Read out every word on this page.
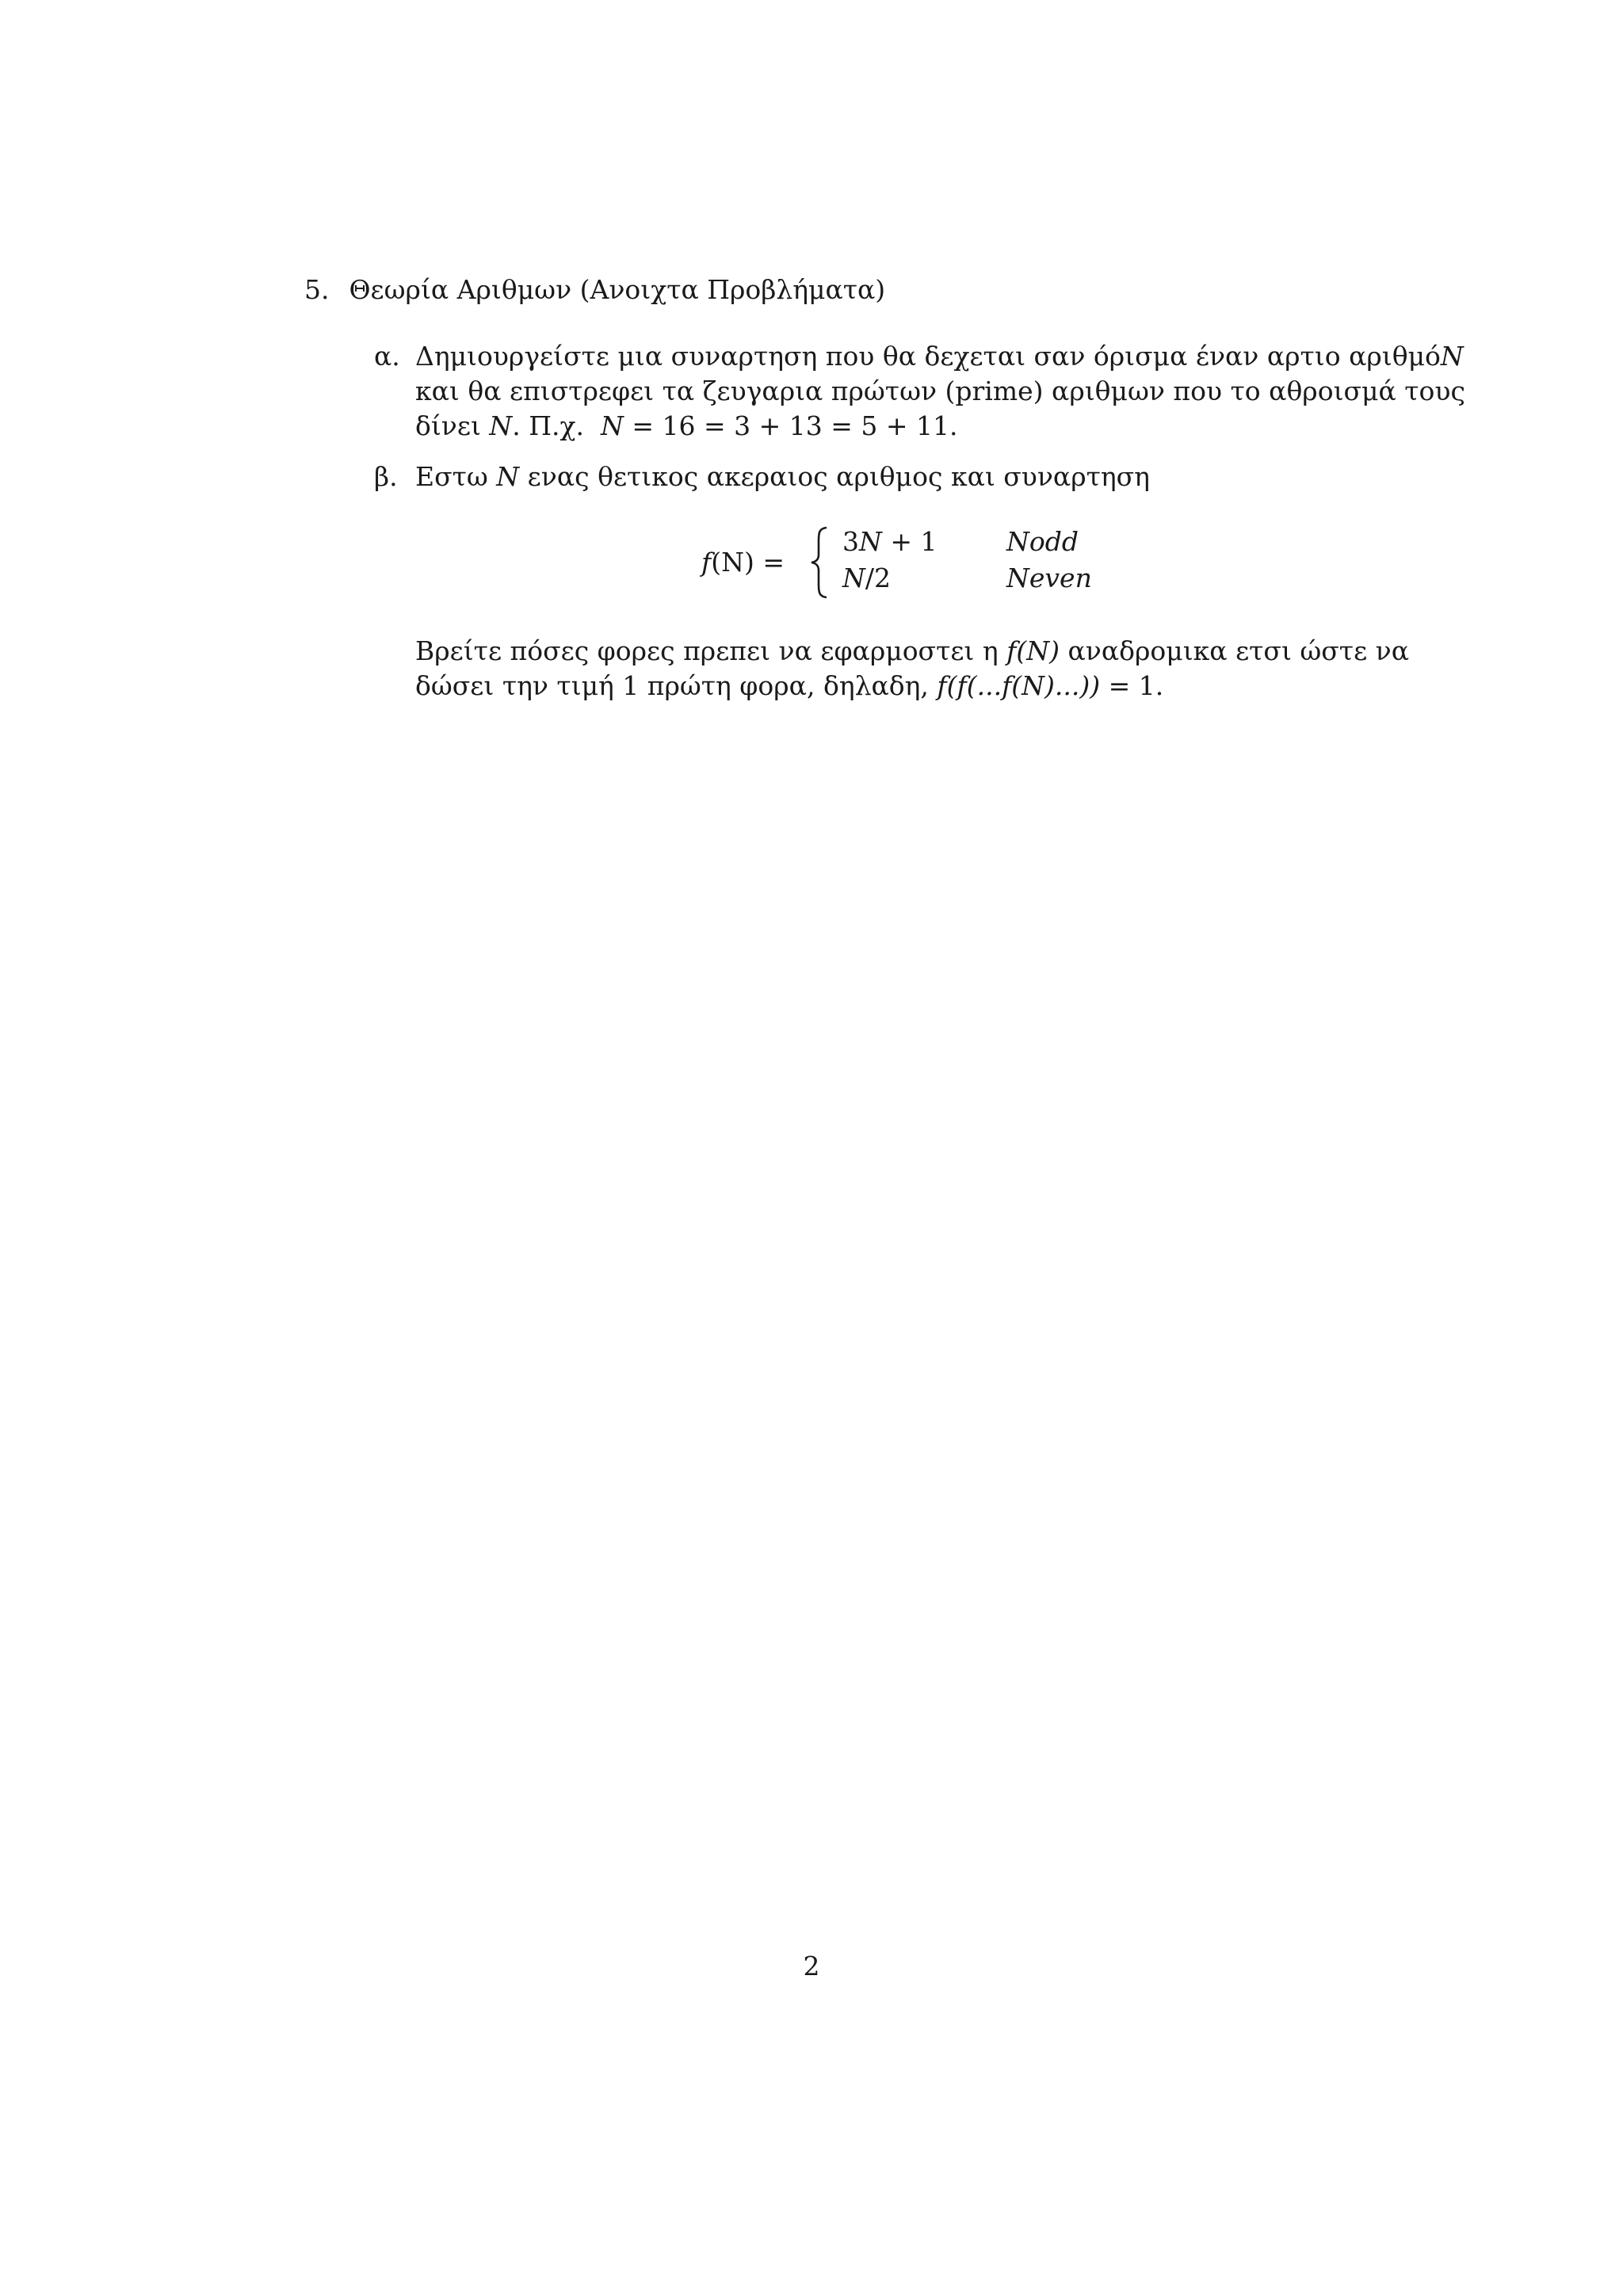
5. Θεωρία Αριθμων (Ανοιχτα Προβλήματα)
α. Δημιουργείστε μια συναρτηση που θα δεχεται σαν όρισμα έναν αρτιο αριθμό N
και θα επιστρεφει τα ζευγαρια πρώτων (prime) αριθμων που το αθροισμά τους
δίνει N. Π.χ. N = 16 = 3 + 13 = 5 + 11.
β. Εστω N ενας θετικος ακεραιος αριθμος και συναρτηση
f(N) =
3N + 1	Nodd
N/2	Neven
Βρείτε πόσες φορες πρεπει να εφαρμοστει η f(N) αναδρομικα ετσι ώστε να
δώσει την τιμή 1 πρώτη φορα, δηλαδη, f(f(...f(N)...)) = 1.
2
